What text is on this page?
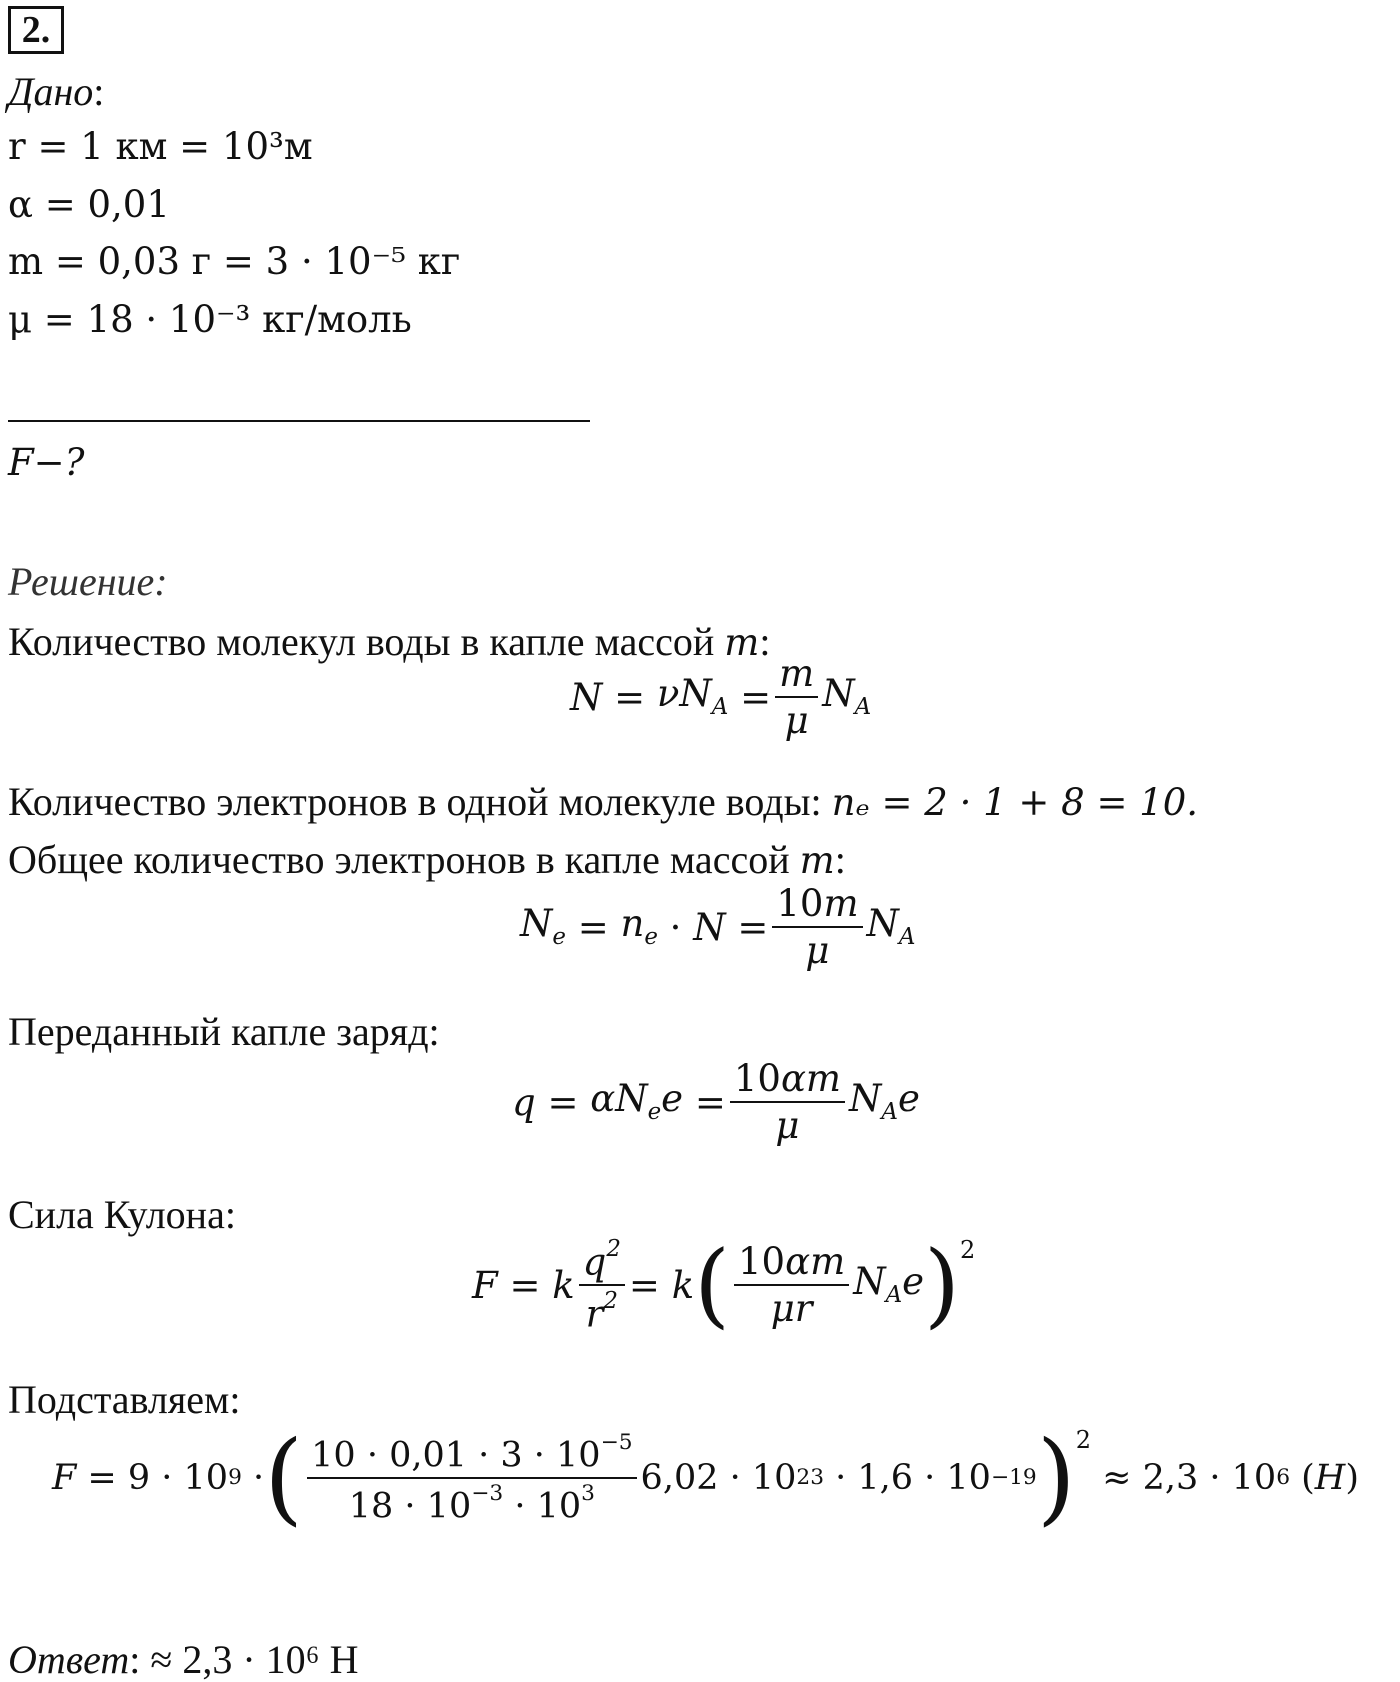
2.
Дано:
r = 1 км = 10³м
α = 0,01
m = 0,03 г = 3 · 10⁻⁵ кг
μ = 18 · 10⁻³ кг/моль
F−?
Решение:
Количество молекул воды в капле массой m:
$N = \nu N_A = \frac{m}{\mu} N_A$
Количество электронов в одной молекуле воды: nₑ = 2 · 1 + 8 = 10.
Общее количество электронов в капле массой m:
$N_e = n_e \cdot N = \frac{10m}{\mu} N_A$
Переданный капле заряд:
$q = \alpha N_ee = \frac{10\alpha m}{\mu} N_Ae$
Сила Кулона:
F = k $\frac{q^2}{r^2} = k$ ( $\frac{10\alpha m}{\mu r} N_Ae$ ) 2
Подставляем:
F = 9 · 10 9 · ( $\frac{10 \cdot 0,01 \cdot 3 \cdot 10^{-5}}{18 \cdot 10^{-3} \cdot 10^3} 6,02 \cdot 10$ 23 · 1,6 · 10 −19 ) 2
≈ 2,3 · 10 6 ( H )
Ответ: ≈ 2,3 · 10⁶ Н
